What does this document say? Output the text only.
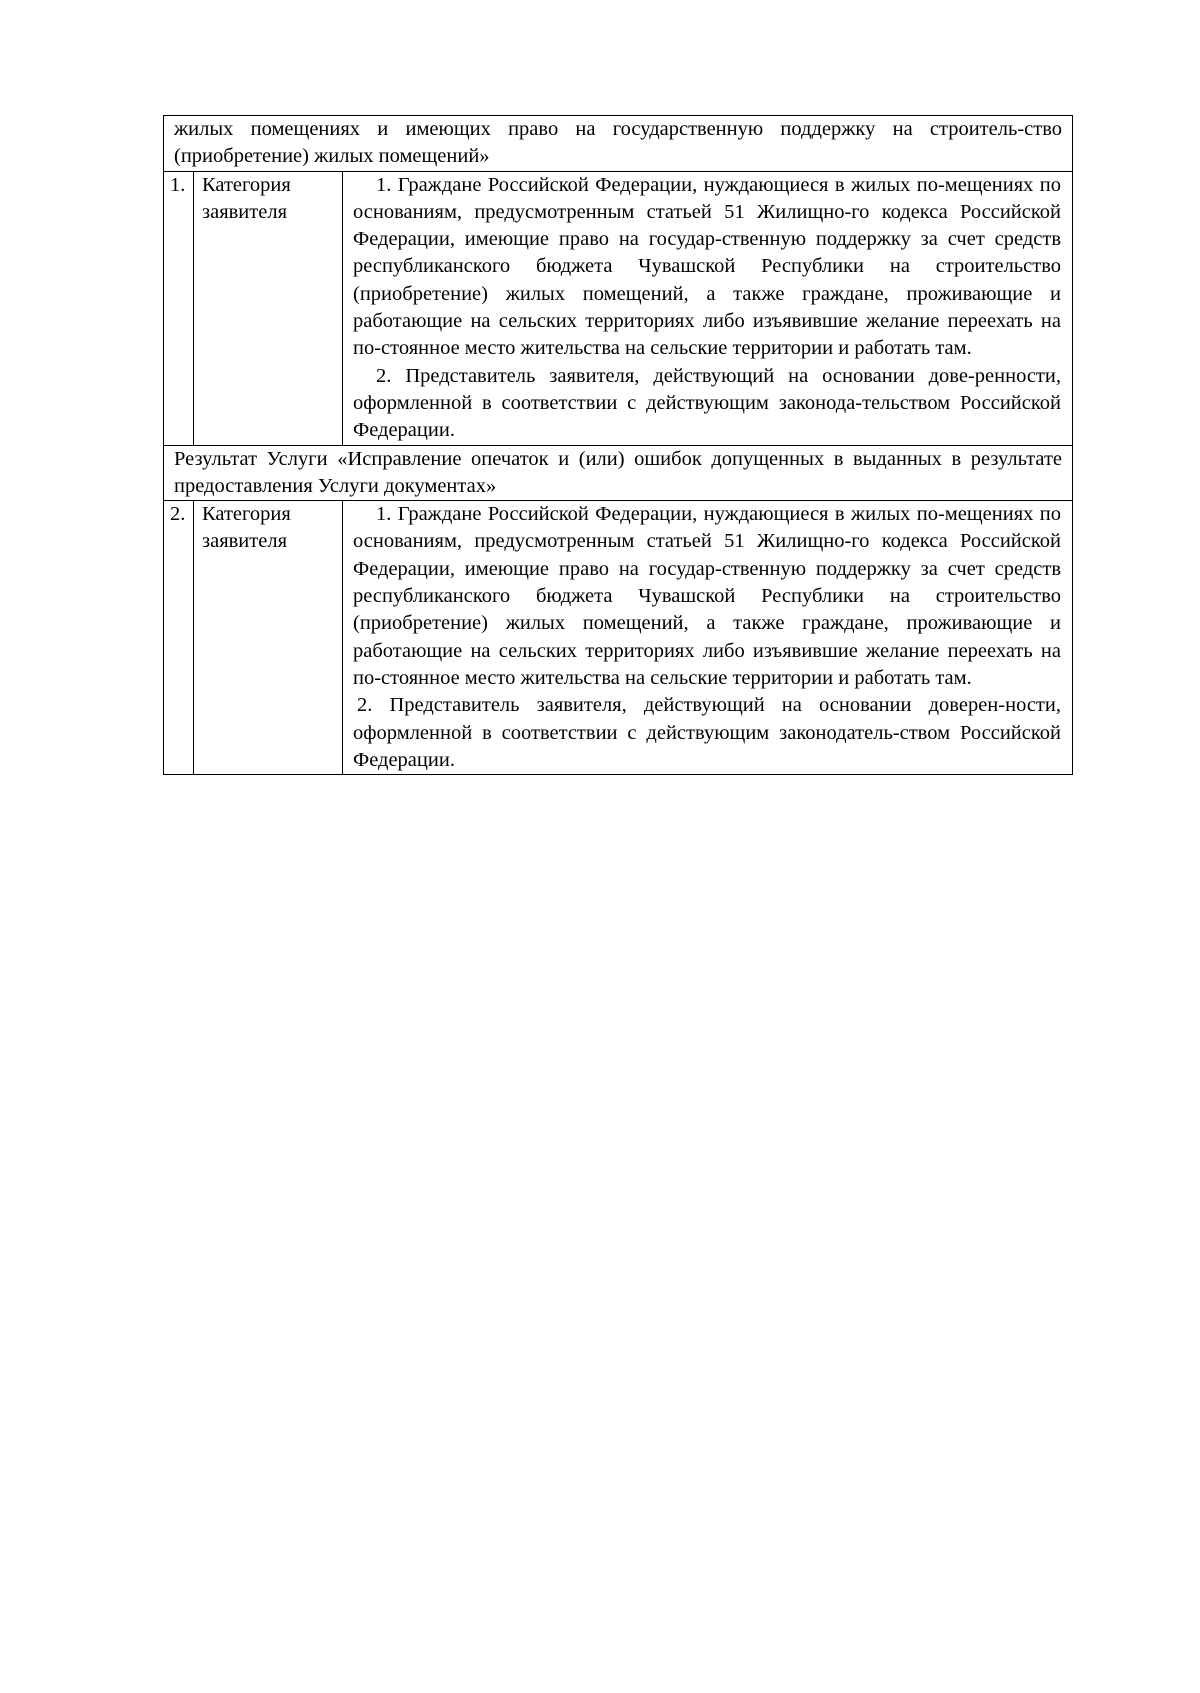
жилых помещениях и имеющих право на государственную поддержку на строитель-ство (приобретение) жилых помещений»		

1.	Категория заявителя	1. Граждане Российской Федерации, нуждающиеся в жилых по-мещениях по основаниям, предусмотренным статьей 51 Жилищно-го кодекса Российской Федерации, имеющие право на государ-ственную поддержку за счет средств республиканского бюджета Чувашской Республики на строительство (приобретение) жилых помещений, а также граждане, проживающие и работающие на сельских территориях либо изъявившие желание переехать на по-стоянное место жительства на сельские территории и работать там.

2. Представитель заявителя, действующий на основании дове-ренности, оформленной в соответствии с действующим законода-тельством Российской Федерации.

Результат Услуги «Исправление опечаток и (или) ошибок допущенных в выданных в результате предоставления Услуги документах»		

2.	Категория заявителя	1. Граждане Российской Федерации, нуждающиеся в жилых по-мещениях по основаниям, предусмотренным статьей 51 Жилищно-го кодекса Российской Федерации, имеющие право на государ-ственную поддержку за счет средств республиканского бюджета Чувашской Республики на строительство (приобретение) жилых помещений, а также граждане, проживающие и работающие на сельских территориях либо изъявившие желание переехать на по-стоянное место жительства на сельские территории и работать там.

2. Представитель заявителя, действующий на основании доверен-ности, оформленной в соответствии с действующим законодатель-ством Российской Федерации.
